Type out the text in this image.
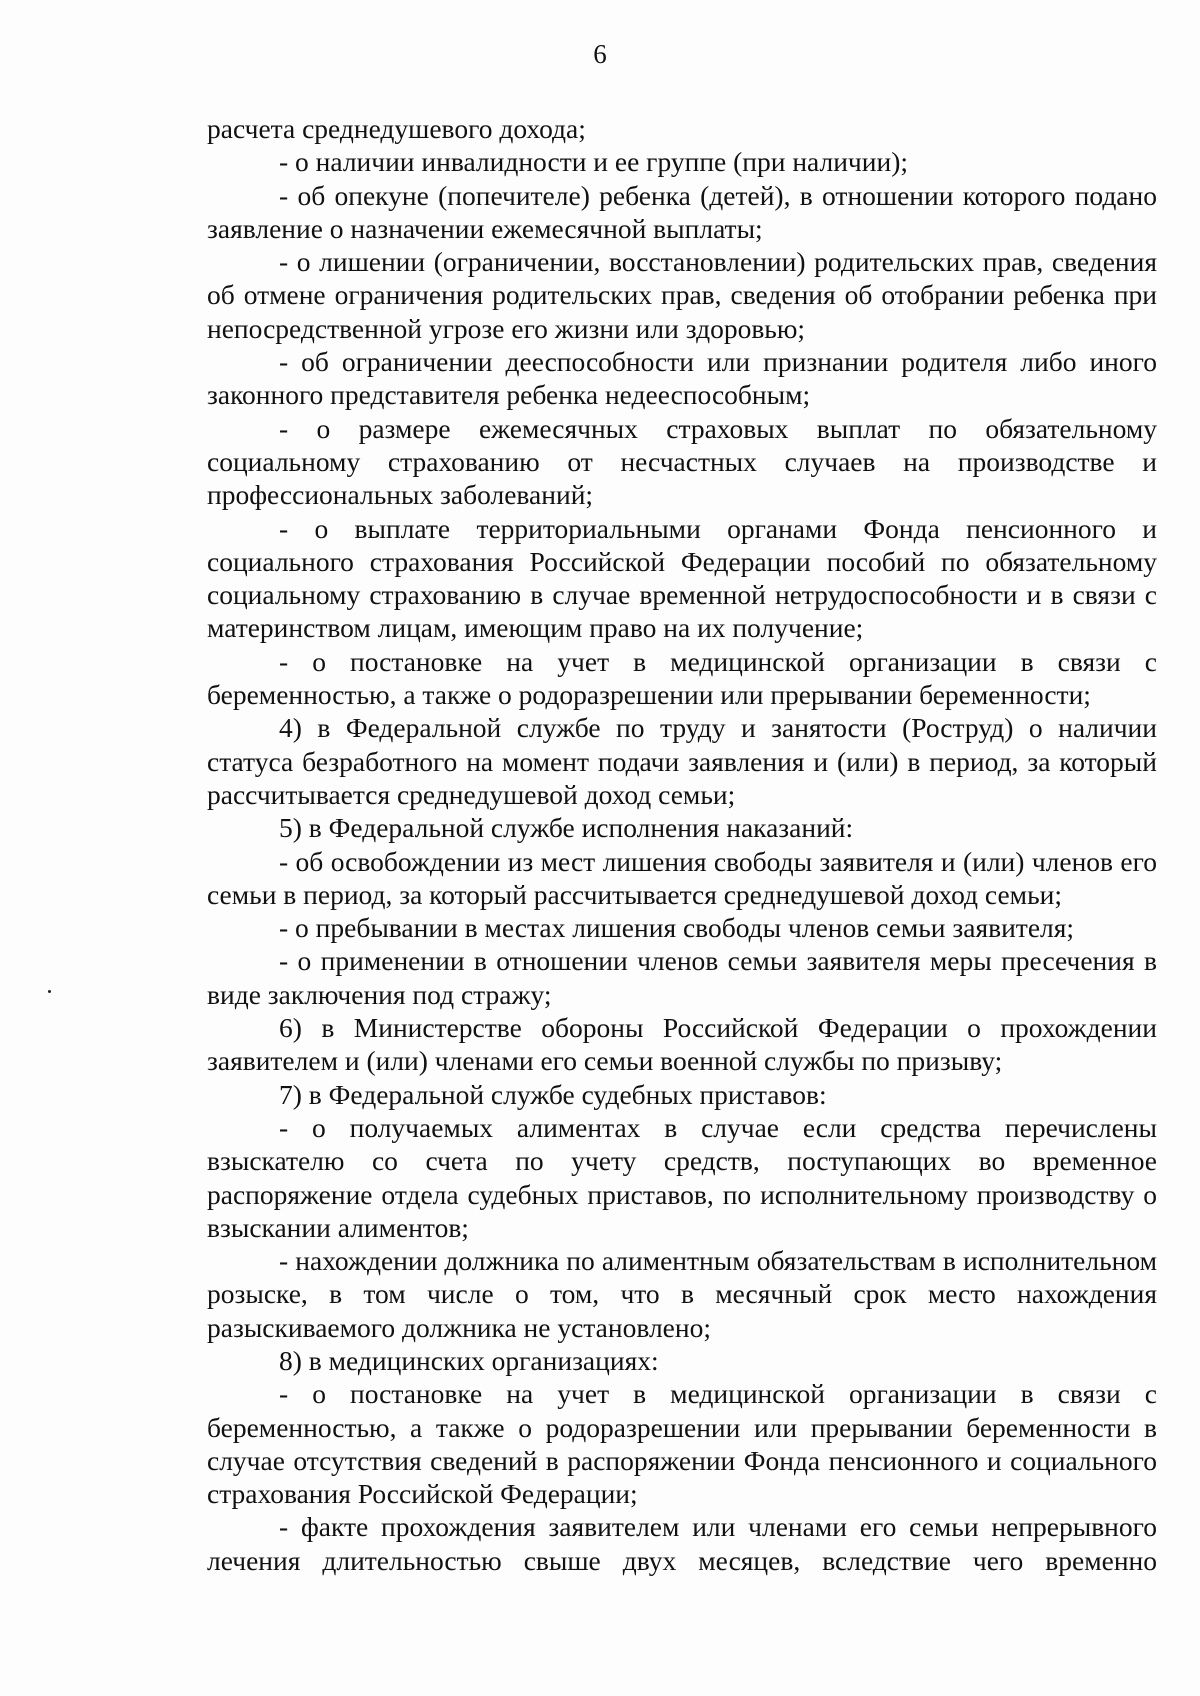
6

расчета среднедушевого дохода;

- о наличии инвалидности и ее группе (при наличии);

- об опекуне (попечителе) ребенка (детей), в отношении которого подано заявление о назначении ежемесячной выплаты;

- о лишении (ограничении, восстановлении) родительских прав, сведения об отмене ограничения родительских прав, сведения об отобрании ребенка при непосредственной угрозе его жизни или здоровью;

- об ограничении дееспособности или признании родителя либо иного законного представителя ребенка недееспособным;

- о размере ежемесячных страховых выплат по обязательному социальному страхованию от несчастных случаев на производстве и профессиональных заболеваний;

- о выплате территориальными органами Фонда пенсионного и социального страхования Российской Федерации пособий по обязательному социальному страхованию в случае временной нетрудоспособности и в связи с материнством лицам, имеющим право на их получение;

- о постановке на учет в медицинской организации в связи с беременностью, а также о родоразрешении или прерывании беременности;

4) в Федеральной службе по труду и занятости (Роструд) о наличии статуса безработного на момент подачи заявления и (или) в период, за который рассчитывается среднедушевой доход семьи;

5) в Федеральной службе исполнения наказаний:

- об освобождении из мест лишения свободы заявителя и (или) членов его семьи в период, за который рассчитывается среднедушевой доход семьи;

- о пребывании в местах лишения свободы членов семьи заявителя;

- о применении в отношении членов семьи заявителя меры пресечения в виде заключения под стражу;

6) в Министерстве обороны Российской Федерации о прохождении заявителем и (или) членами его семьи военной службы по призыву;

7) в Федеральной службе судебных приставов:

- о получаемых алиментах в случае если средства перечислены взыскателю со счета по учету средств, поступающих во временное распоряжение отдела судебных приставов, по исполнительному производству о взыскании алиментов;

- нахождении должника по алиментным обязательствам в исполнительном розыске, в том числе о том, что в месячный срок место нахождения разыскиваемого должника не установлено;

8) в медицинских организациях:

- о постановке на учет в медицинской организации в связи с беременностью, а также о родоразрешении или прерывании беременности в случае отсутствия сведений в распоряжении Фонда пенсионного и социального страхования Российской Федерации;

- факте прохождения заявителем или членами его семьи непрерывного лечения длительностью свыше двух месяцев, вследствие чего временно
